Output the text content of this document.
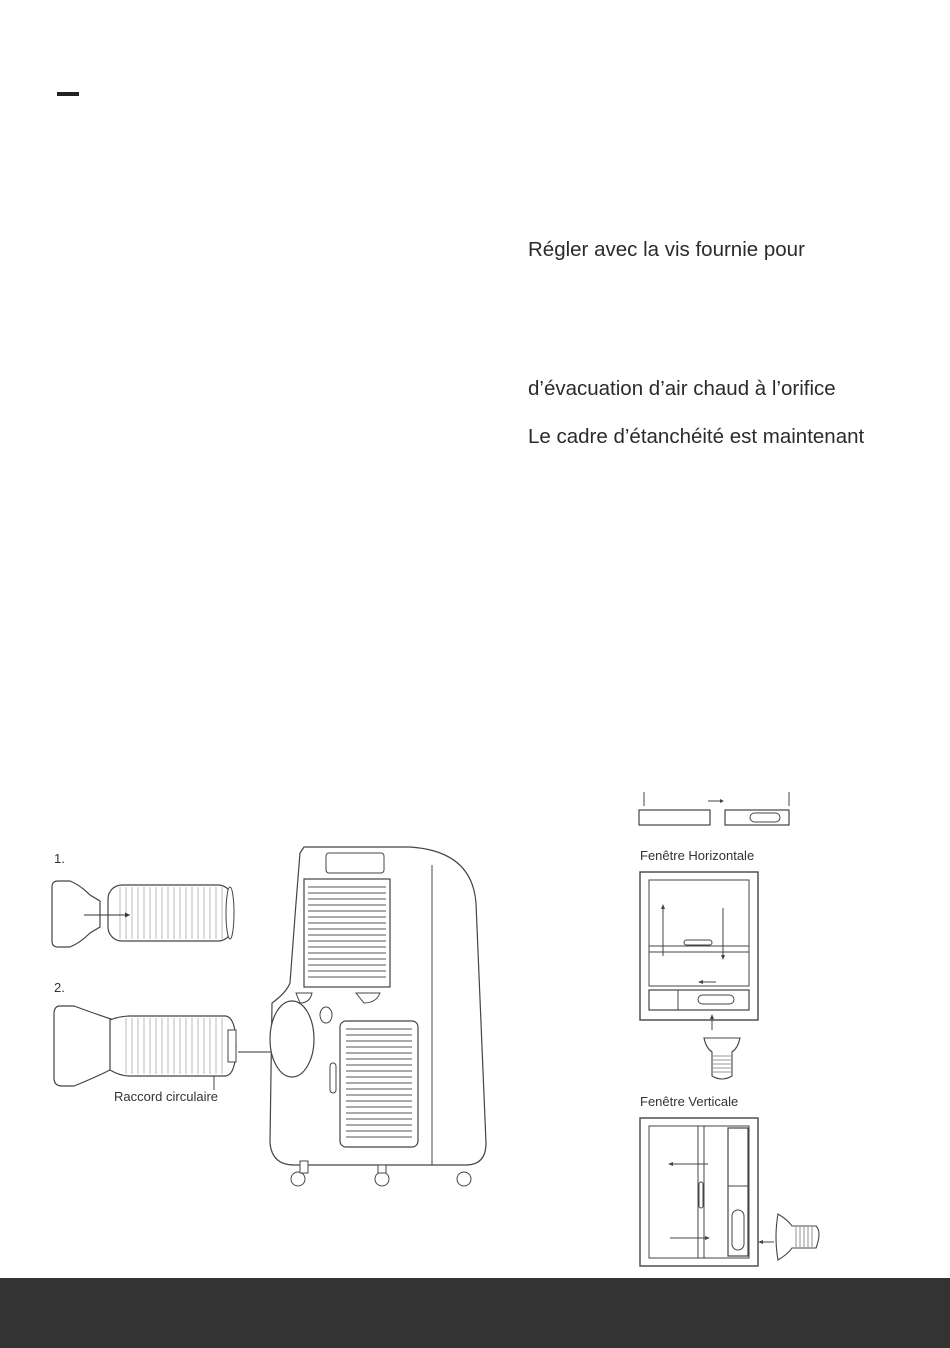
Régler avec la vis fournie pour
d’évacuation d’air chaud à l’orifice
Le cadre d’étanchéité est maintenant
1.
2.
Raccord circulaire
Fenêtre Horizontale
Fenêtre Verticale
